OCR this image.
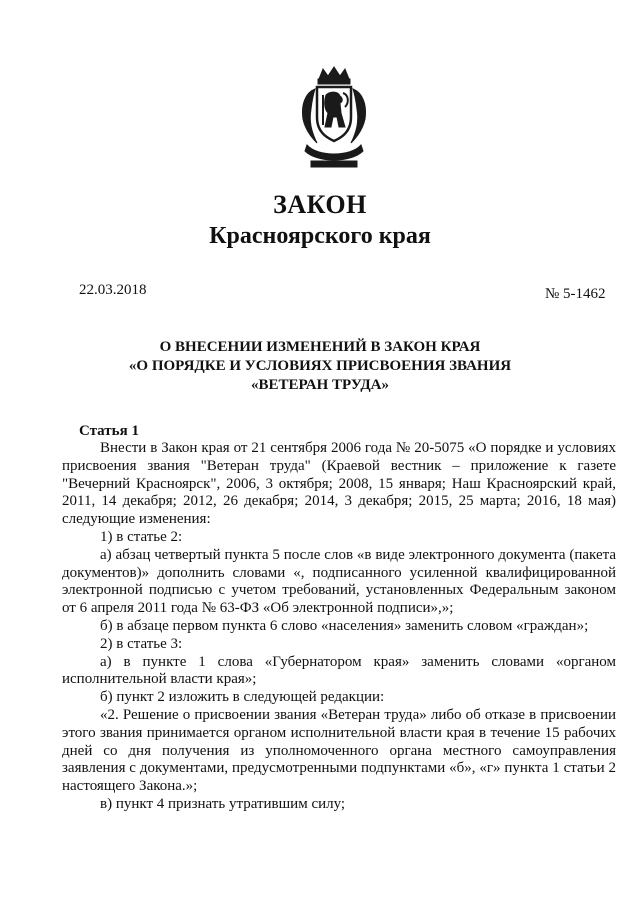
ЗАКОН
Красноярского края
22.03.2018	№ 5-1462
О ВНЕСЕНИИ ИЗМЕНЕНИЙ В ЗАКОН КРАЯ
«О ПОРЯДКЕ И УСЛОВИЯХ ПРИСВОЕНИЯ ЗВАНИЯ
«ВЕТЕРАН ТРУДА»
Статья 1

Внести в Закон края от 21 сентября 2006 года № 20-5075 «О порядке и условиях присвоения звания "Ветеран труда" (Краевой вестник – приложение к газете "Вечерний Красноярск", 2006, 3 октября; 2008, 15 января; Наш Красноярский край, 2011, 14 декабря; 2012, 26 декабря; 2014, 3 декабря; 2015, 25 марта; 2016, 18 мая) следующие изменения:

1) в статье 2:

а) абзац четвертый пункта 5 после слов «в виде электронного документа (пакета документов)» дополнить словами «, подписанного усиленной квалифицированной электронной подписью с учетом требований, установленных Федеральным законом от 6 апреля 2011 года № 63-ФЗ «Об электронной подписи»,»;

б) в абзаце первом пункта 6 слово «населения» заменить словом «граждан»;

2) в статье 3:

а) в пункте 1 слова «Губернатором края» заменить словами «органом исполнительной власти края»;

б) пункт 2 изложить в следующей редакции:

«2. Решение о присвоении звания «Ветеран труда» либо об отказе в присвоении этого звания принимается органом исполнительной власти края в течение 15 рабочих дней со дня получения из уполномоченного органа местного самоуправления заявления с документами, предусмотренными подпунктами «б», «г» пункта 1 статьи 2 настоящего Закона.»;

в) пункт 4 признать утратившим силу;
